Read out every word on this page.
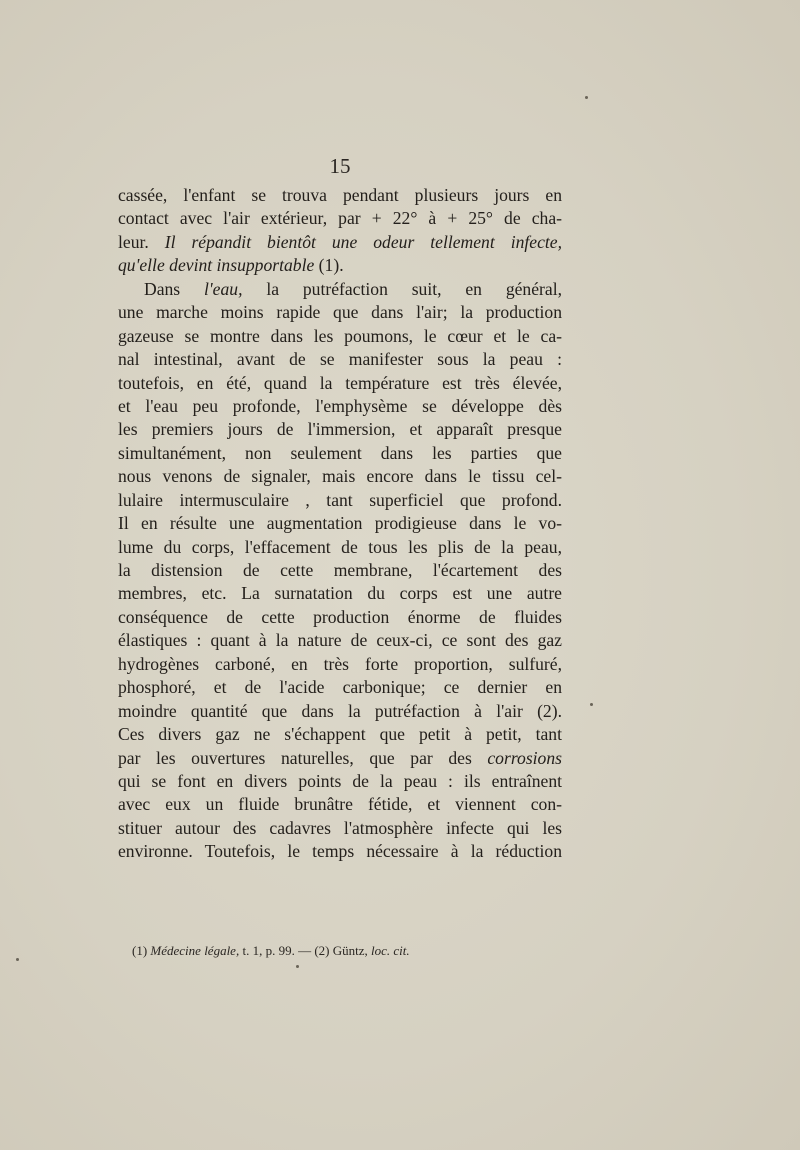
15
cassée, l'enfant se trouva pendant plusieurs jours en
contact avec l'air extérieur, par + 22° à + 25° de cha-
leur. Il répandit bientôt une odeur tellement infecte,
qu'elle devint insupportable (1).
Dans l'eau, la putréfaction suit, en général,
une marche moins rapide que dans l'air; la production
gazeuse se montre dans les poumons, le cœur et le ca-
nal intestinal, avant de se manifester sous la peau :
toutefois, en été, quand la température est très élevée,
et l'eau peu profonde, l'emphysème se développe dès
les premiers jours de l'immersion, et apparaît presque
simultanément, non seulement dans les parties que
nous venons de signaler, mais encore dans le tissu cel-
lulaire intermusculaire , tant superficiel que profond.
Il en résulte une augmentation prodigieuse dans le vo-
lume du corps, l'effacement de tous les plis de la peau,
la distension de cette membrane, l'écartement des
membres, etc. La surnatation du corps est une autre
conséquence de cette production énorme de fluides
élastiques : quant à la nature de ceux-ci, ce sont des gaz
hydrogènes carboné, en très forte proportion, sulfuré,
phosphoré, et de l'acide carbonique; ce dernier en
moindre quantité que dans la putréfaction à l'air (2).
Ces divers gaz ne s'échappent que petit à petit, tant
par les ouvertures naturelles, que par des corrosions
qui se font en divers points de la peau : ils entraînent
avec eux un fluide brunâtre fétide, et viennent con-
stituer autour des cadavres l'atmosphère infecte qui les
environne. Toutefois, le temps nécessaire à la réduction
(1) Médecine légale, t. 1, p. 99. — (2) Güntz, loc. cit.
